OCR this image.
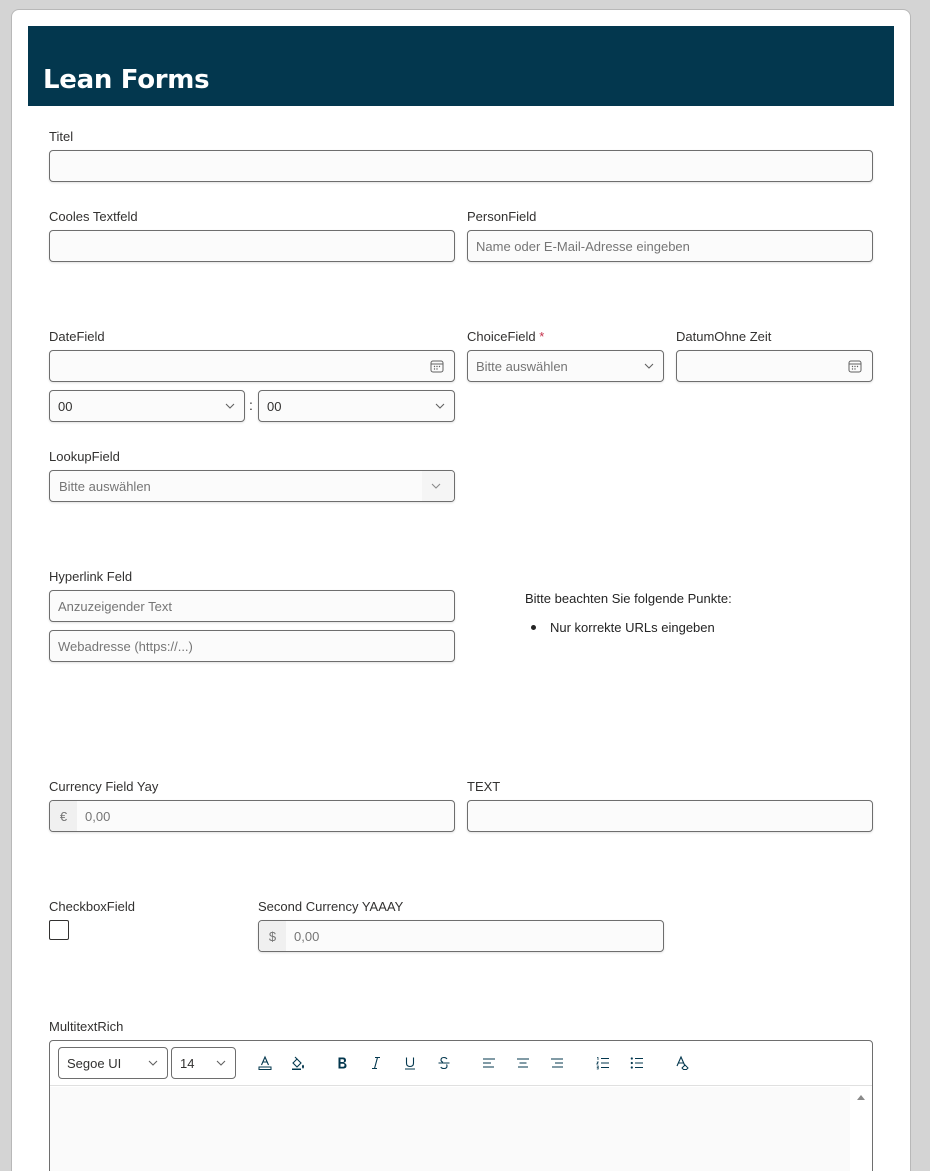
Lean Forms
Titel
Cooles Textfeld	PersonField
Name oder E-Mail-Adresse eingeben
DateField
00	:	00
ChoiceField *
Bitte auswählen
DatumOhne Zeit
LookupField
Bitte auswählen
Hyperlink Feld
Anzuzeigender Text
Webadresse (https://...)
Bitte beachten Sie folgende Punkte:
Nur korrekte URLs eingeben
Currency Field Yay
€	0,00
TEXT
CheckboxField	Second Currency YAAAY
$	0,00
MultitextRich
Segoe UI	14
